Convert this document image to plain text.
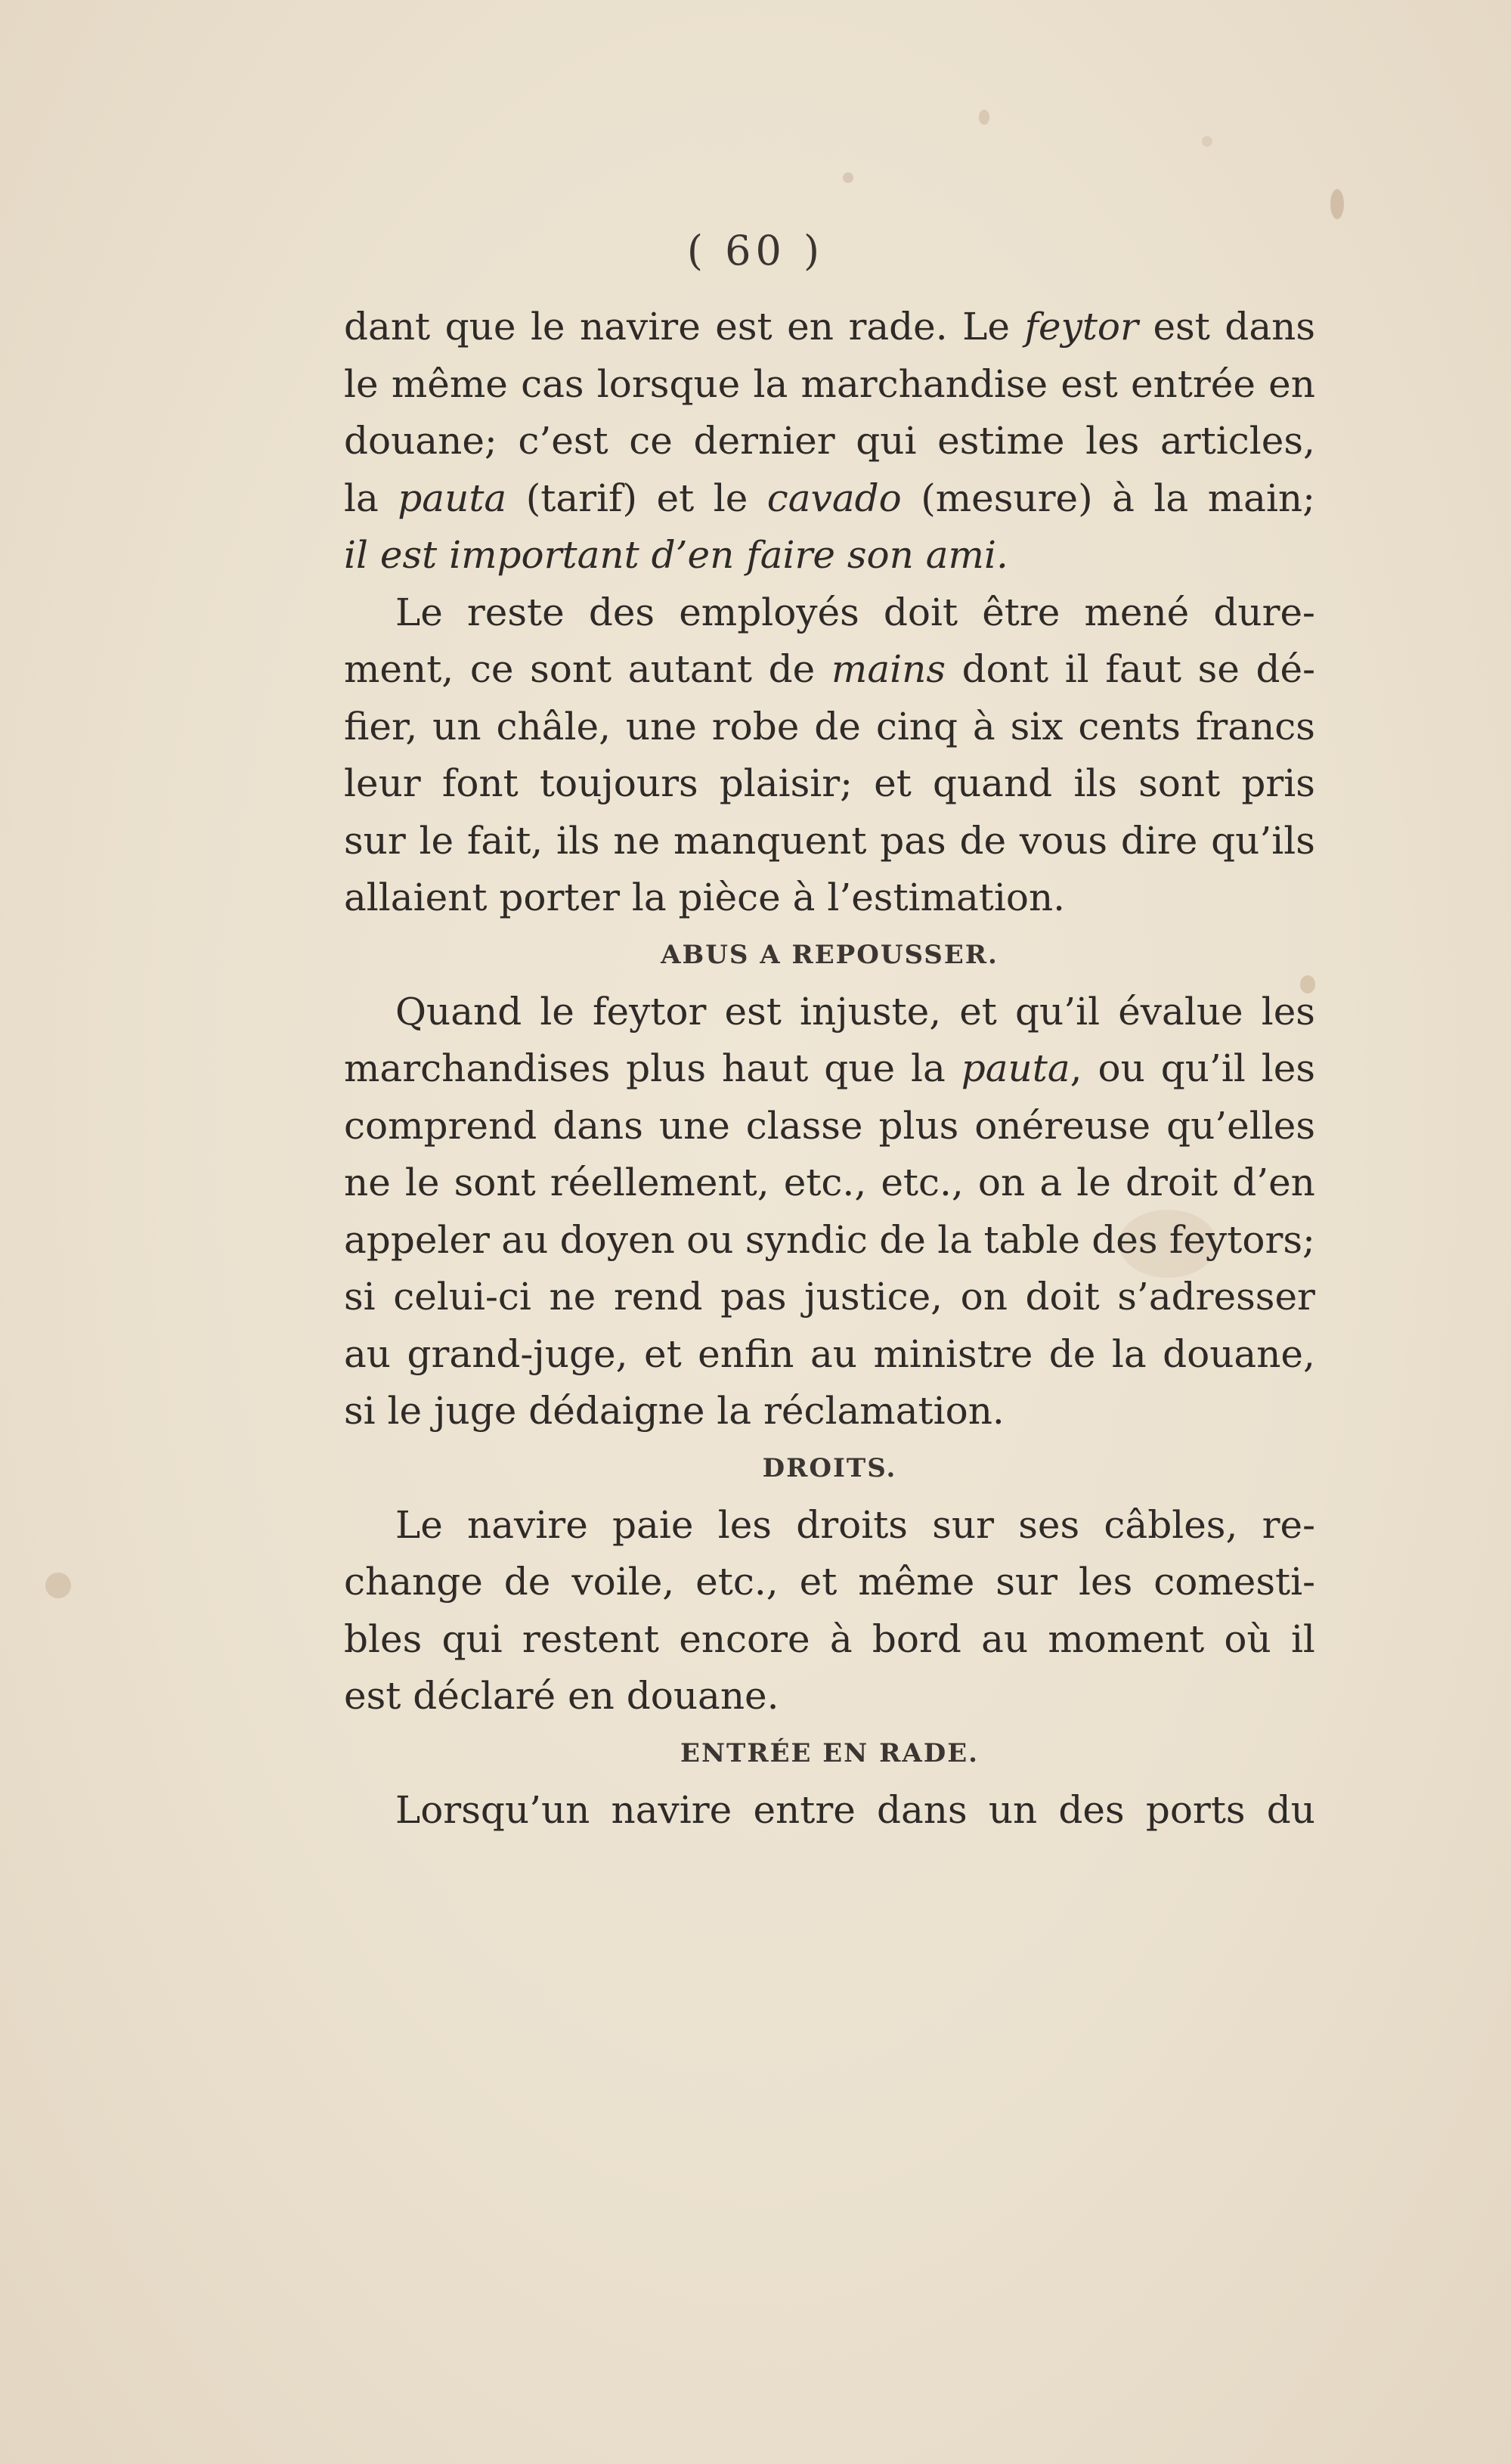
( 60 )
dant que le navire est en rade. Le feytor est dans
le même cas lorsque la marchandise est entrée en
douane; c’est ce dernier qui estime les articles,
la pauta (tarif) et le cavado (mesure) à la main;
il est important d’en faire son ami.
Le reste des employés doit être mené dure-
ment, ce sont autant de mains dont il faut se dé-
fier, un châle, une robe de cinq à six cents francs
leur font toujours plaisir; et quand ils sont pris
sur le fait, ils ne manquent pas de vous dire qu’ils
allaient porter la pièce à l’estimation.
ABUS A REPOUSSER.
Quand le feytor est injuste, et qu’il évalue les
marchandises plus haut que la pauta, ou qu’il les
comprend dans une classe plus onéreuse qu’elles
ne le sont réellement, etc., etc., on a le droit d’en
appeler au doyen ou syndic de la table des feytors;
si celui-ci ne rend pas justice, on doit s’adresser
au grand-juge, et enfin au ministre de la douane,
si le juge dédaigne la réclamation.
DROITS.
Le navire paie les droits sur ses câbles, re-
change de voile, etc., et même sur les comesti-
bles qui restent encore à bord au moment où il
est déclaré en douane.
ENTRÉE EN RADE.
Lorsqu’un navire entre dans un des ports du
